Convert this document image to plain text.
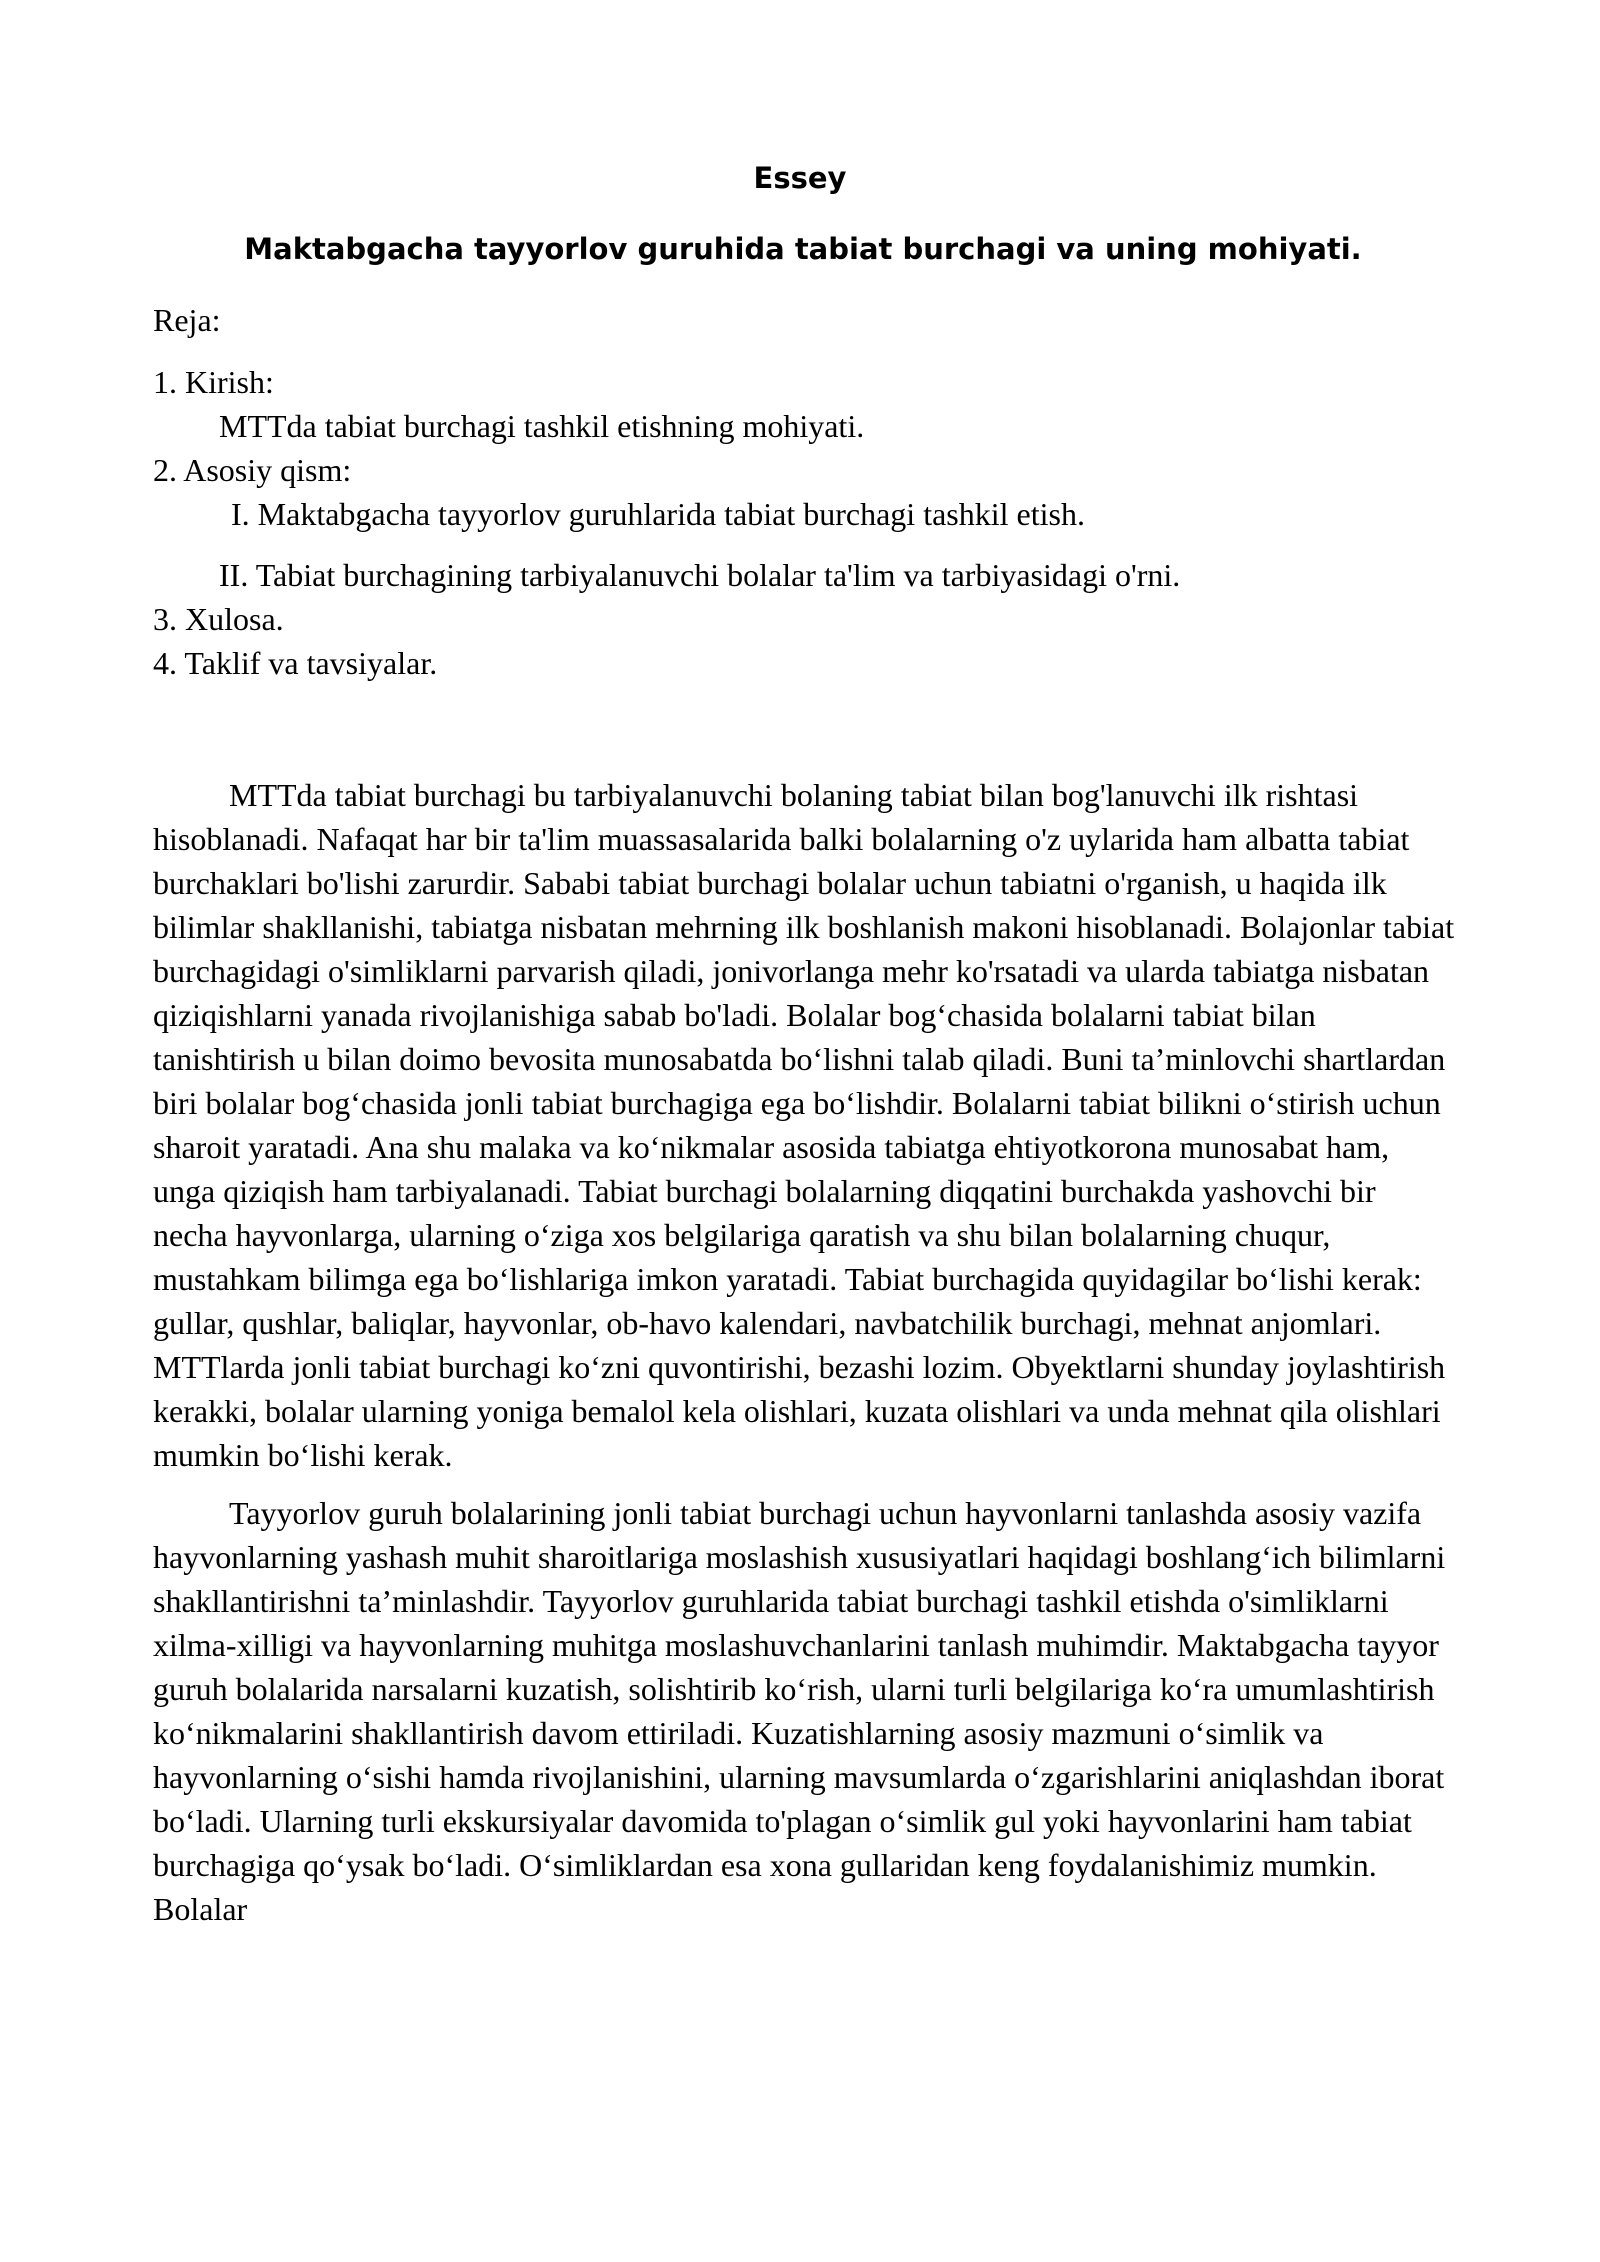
Essey
Maktabgacha tayyorlov guruhida tabiat burchagi va uning mohiyati.

Reja:

1. Kirish:

MTTda tabiat burchagi tashkil etishning mohiyati.

2. Asosiy qism:

I. Maktabgacha tayyorlov guruhlarida tabiat burchagi tashkil etish.

II. Tabiat burchagining tarbiyalanuvchi bolalar ta'lim va tarbiyasidagi o'rni.

3. Xulosa.

4. Taklif va tavsiyalar.

MTTda tabiat burchagi bu tarbiyalanuvchi bolaning tabiat bilan bog'lanuvchi ilk rishtasi hisoblanadi. Nafaqat har bir ta'lim muassasalarida balki bolalarning o'z uylarida ham albatta tabiat burchaklari bo'lishi zarurdir. Sababi tabiat burchagi bolalar uchun tabiatni o'rganish, u haqida ilk bilimlar shakllanishi, tabiatga nisbatan mehrning ilk boshlanish makoni hisoblanadi. Bolajonlar tabiat burchagidagi o'simliklarni parvarish qiladi, jonivorlanga mehr ko'rsatadi va ularda tabiatga nisbatan qiziqishlarni yanada rivojlanishiga sabab bo'ladi. Bolalar bog‘chasida bolalarni tabiat bilan tanishtirish u bilan doimo bevosita munosabatda bo‘lishni talab qiladi. Buni ta’minlovchi shartlardan biri bolalar bog‘chasida jonli tabiat burchagiga ega bo‘lishdir. Bolalarni tabiat bilikni o‘stirish uchun sharoit yaratadi. Ana shu malaka va ko‘nikmalar asosida tabiatga ehtiyotkorona munosabat ham, unga qiziqish ham tarbiyalanadi. Tabiat burchagi bolalarning diqqatini burchakda yashovchi bir necha hayvonlarga, ularning o‘ziga xos belgilariga qaratish va shu bilan bolalarning chuqur, mustahkam bilimga ega bo‘lishlariga imkon yaratadi. Tabiat burchagida quyidagilar bo‘lishi kerak: gullar, qushlar, baliqlar, hayvonlar, ob-havo kalendari, navbatchilik burchagi, mehnat anjomlari. MTTlarda jonli tabiat burchagi ko‘zni quvontirishi, bezashi lozim. Obyektlarni shunday joylashtirish kerakki, bolalar ularning yoniga bemalol kela olishlari, kuzata olishlari va unda mehnat qila olishlari mumkin bo‘lishi kerak.

Tayyorlov guruh bolalarining jonli tabiat burchagi uchun hayvonlarni tanlashda asosiy vazifa hayvonlarning yashash muhit sharoitlariga moslashish xususiyatlari haqidagi boshlang‘ich bilimlarni shakllantirishni ta’minlashdir. Tayyorlov guruhlarida tabiat burchagi tashkil etishda o'simliklarni xilma-xilligi va hayvonlarning muhitga moslashuvchanlarini tanlash muhimdir. Maktabgacha tayyor guruh bolalarida narsalarni kuzatish, solishtirib ko‘rish, ularni turli belgilariga ko‘ra umumlashtirish ko‘nikmalarini shakllantirish davom ettiriladi. Kuzatishlarning asosiy mazmuni o‘simlik va hayvonlarning o‘sishi hamda rivojlanishini, ularning mavsumlarda o‘zgarishlarini aniqlashdan iborat bo‘ladi. Ularning turli ekskursiyalar davomida to'plagan o‘simlik gul yoki hayvonlarini ham tabiat burchagiga qo‘ysak bo‘ladi. O‘simliklardan esa xona gullaridan keng foydalanishimiz mumkin. Bolalar
